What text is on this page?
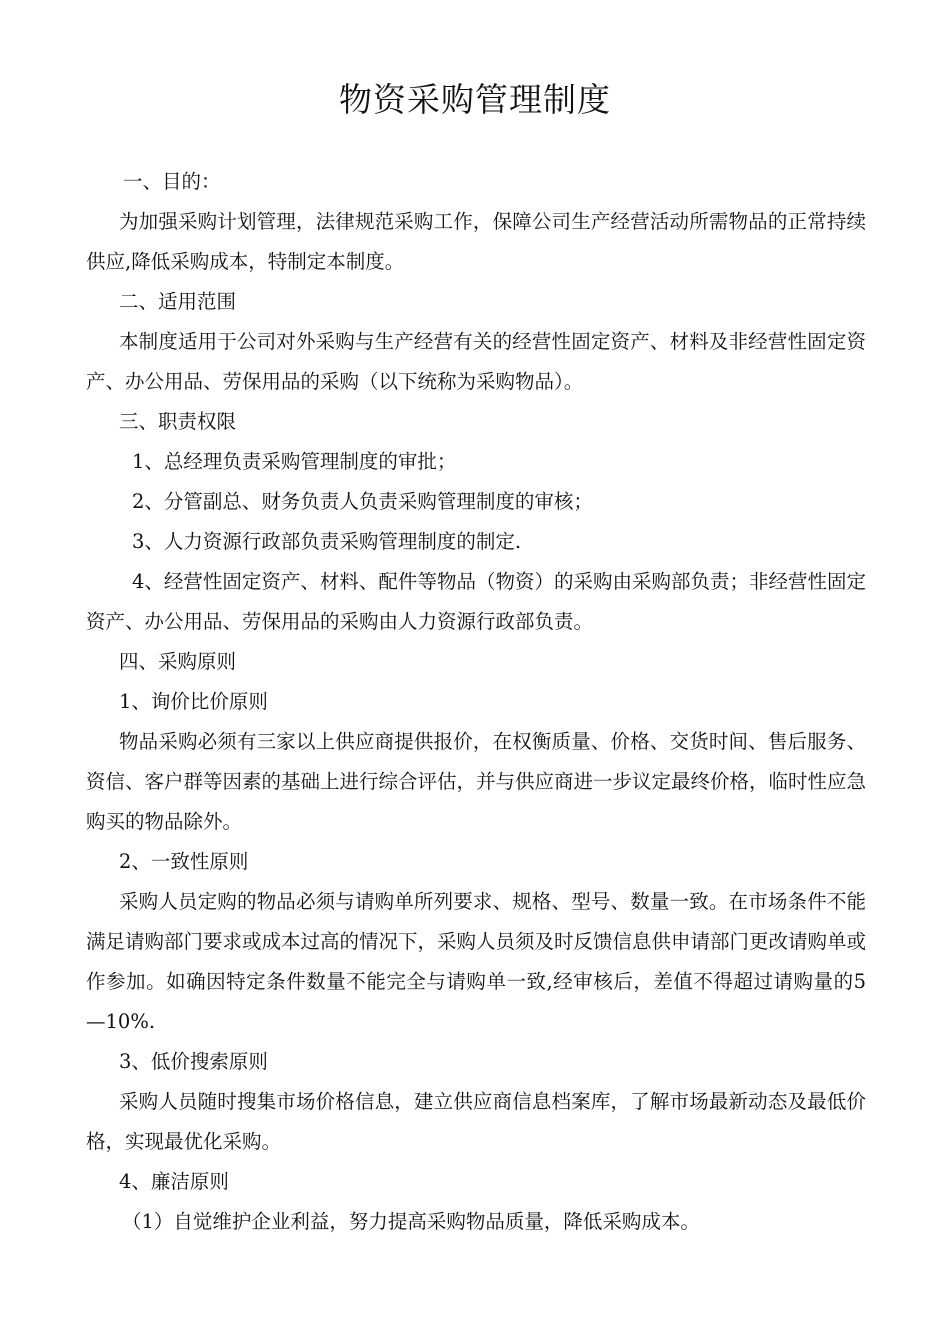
物资采购管理制度

一、目的：

为加强采购计划管理，法律规范采购工作，保障公司生产经营活动所需物品的正常持续供应,降低采购成本，特制定本制度。

二、适用范围

本制度适用于公司对外采购与生产经营有关的经营性固定资产、材料及非经营性固定资产、办公用品、劳保用品的采购（以下统称为采购物品）。

三、职责权限

1、总经理负责采购管理制度的审批；

2、分管副总、财务负责人负责采购管理制度的审核；

3、人力资源行政部负责采购管理制度的制定.

4、经营性固定资产、材料、配件等物品（物资）的采购由采购部负责；非经营性固定资产、办公用品、劳保用品的采购由人力资源行政部负责。

四、采购原则

1、询价比价原则

物品采购必须有三家以上供应商提供报价，在权衡质量、价格、交货时间、售后服务、资信、客户群等因素的基础上进行综合评估，并与供应商进一步议定最终价格，临时性应急购买的物品除外。

2、一致性原则

采购人员定购的物品必须与请购单所列要求、规格、型号、数量一致。在市场条件不能满足请购部门要求或成本过高的情况下，采购人员须及时反馈信息供申请部门更改请购单或作参加。如确因特定条件数量不能完全与请购单一致,经审核后，差值不得超过请购量的5 —10%.

3、低价搜索原则

采购人员随时搜集市场价格信息，建立供应商信息档案库，了解市场最新动态及最低价格，实现最优化采购。

4、廉洁原则

（1）自觉维护企业利益，努力提高采购物品质量，降低采购成本。
